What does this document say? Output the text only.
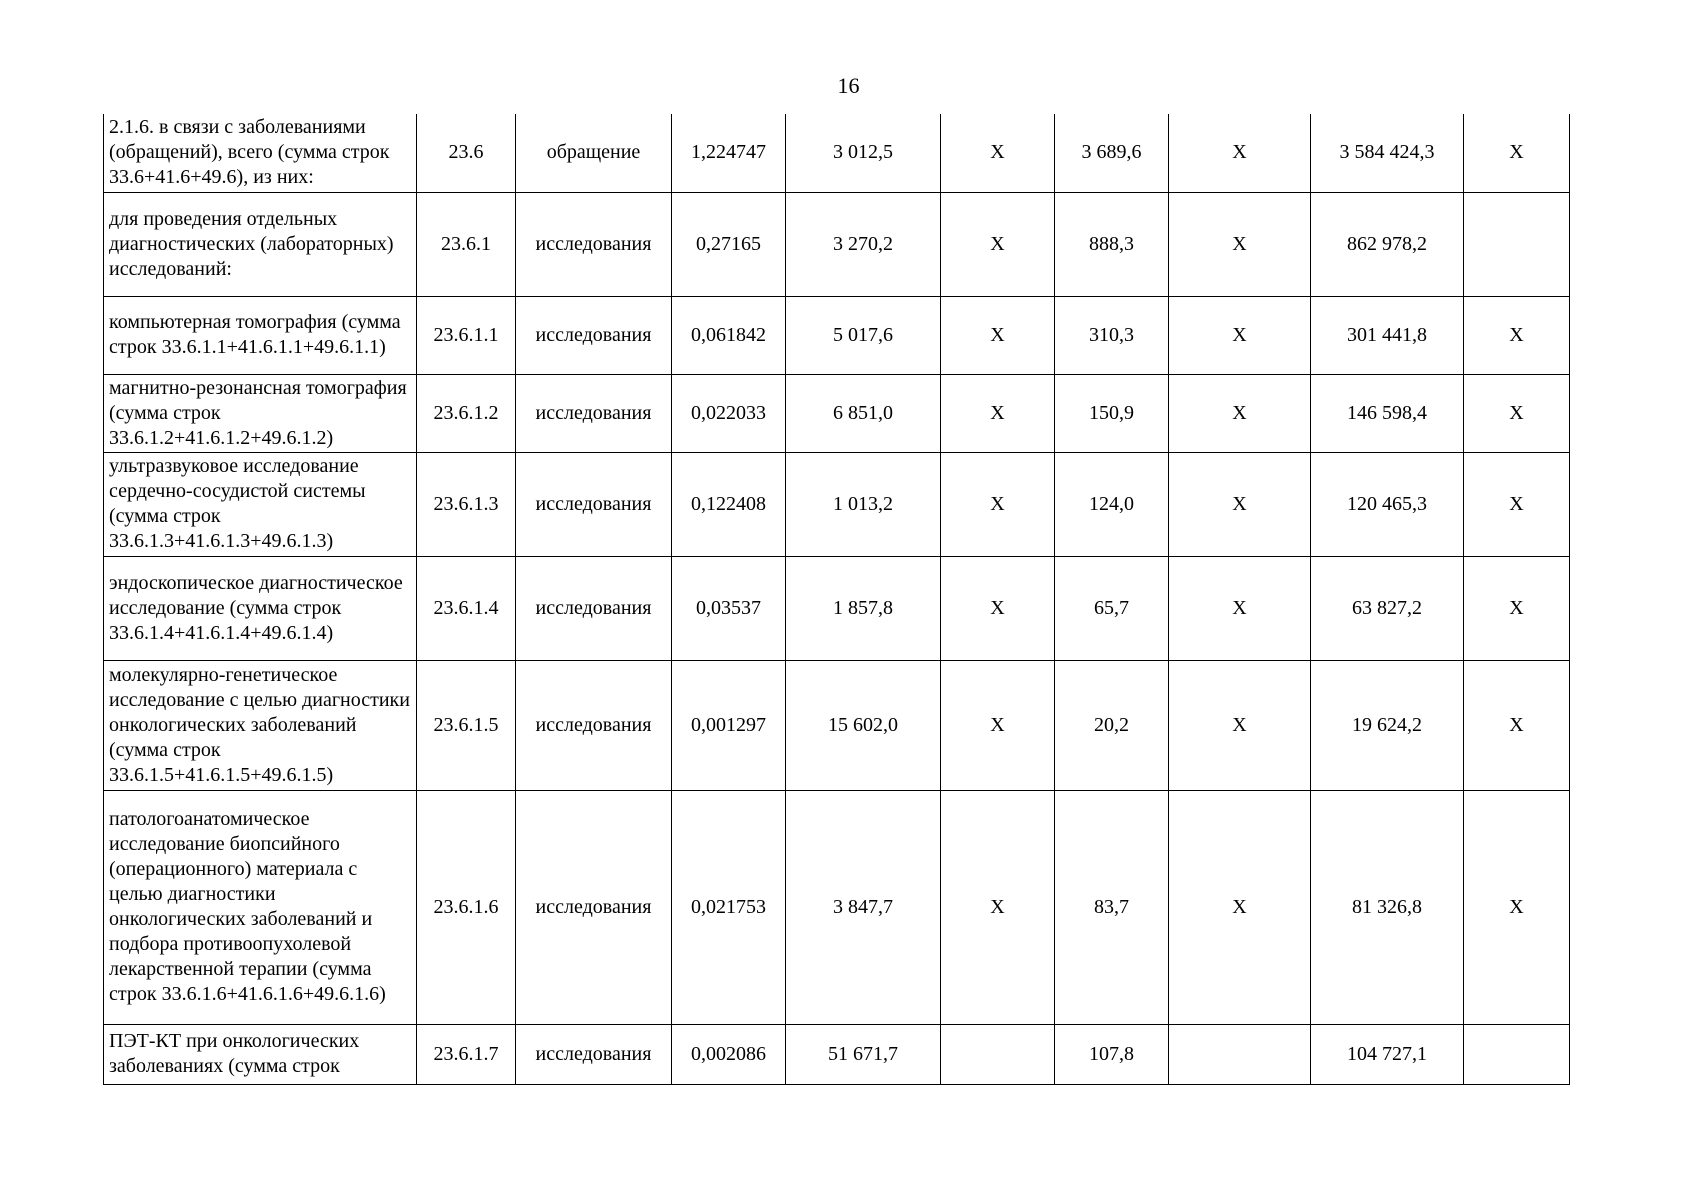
16
2.1.6. в связи с заболеваниями (обращений), всего (сумма строк 33.6+41.6+49.6), из них:	23.6	обращение	1,224747	3 012,5	Х	3 689,6	Х	3 584 424,3	Х
для проведения отдельных диагностических (лабораторных) исследований:	23.6.1	исследования	0,27165	3 270,2	Х	888,3	Х	862 978,2	
компьютерная томография (сумма строк 33.6.1.1+41.6.1.1+49.6.1.1)	23.6.1.1	исследования	0,061842	5 017,6	Х	310,3	Х	301 441,8	Х
магнитно-резонансная томография (сумма строк 33.6.1.2+41.6.1.2+49.6.1.2)	23.6.1.2	исследования	0,022033	6 851,0	Х	150,9	Х	146 598,4	Х
ультразвуковое исследование сердечно-сосудистой системы (сумма строк 33.6.1.3+41.6.1.3+49.6.1.3)	23.6.1.3	исследования	0,122408	1 013,2	Х	124,0	Х	120 465,3	Х
эндоскопическое диагностическое исследование (сумма строк 33.6.1.4+41.6.1.4+49.6.1.4)	23.6.1.4	исследования	0,03537	1 857,8	Х	65,7	Х	63 827,2	Х
молекулярно-генетическое исследование с целью диагностики онкологических заболеваний (сумма строк 33.6.1.5+41.6.1.5+49.6.1.5)	23.6.1.5	исследования	0,001297	15 602,0	Х	20,2	Х	19 624,2	Х
патологоанатомическое исследование биопсийного (операционного) материала с целью диагностики онкологических заболеваний и подбора противоопухолевой лекарственной терапии (сумма строк 33.6.1.6+41.6.1.6+49.6.1.6)	23.6.1.6	исследования	0,021753	3 847,7	Х	83,7	Х	81 326,8	Х
ПЭТ-КТ при онкологических заболеваниях (сумма строк	23.6.1.7	исследования	0,002086	51 671,7		107,8		104 727,1	
